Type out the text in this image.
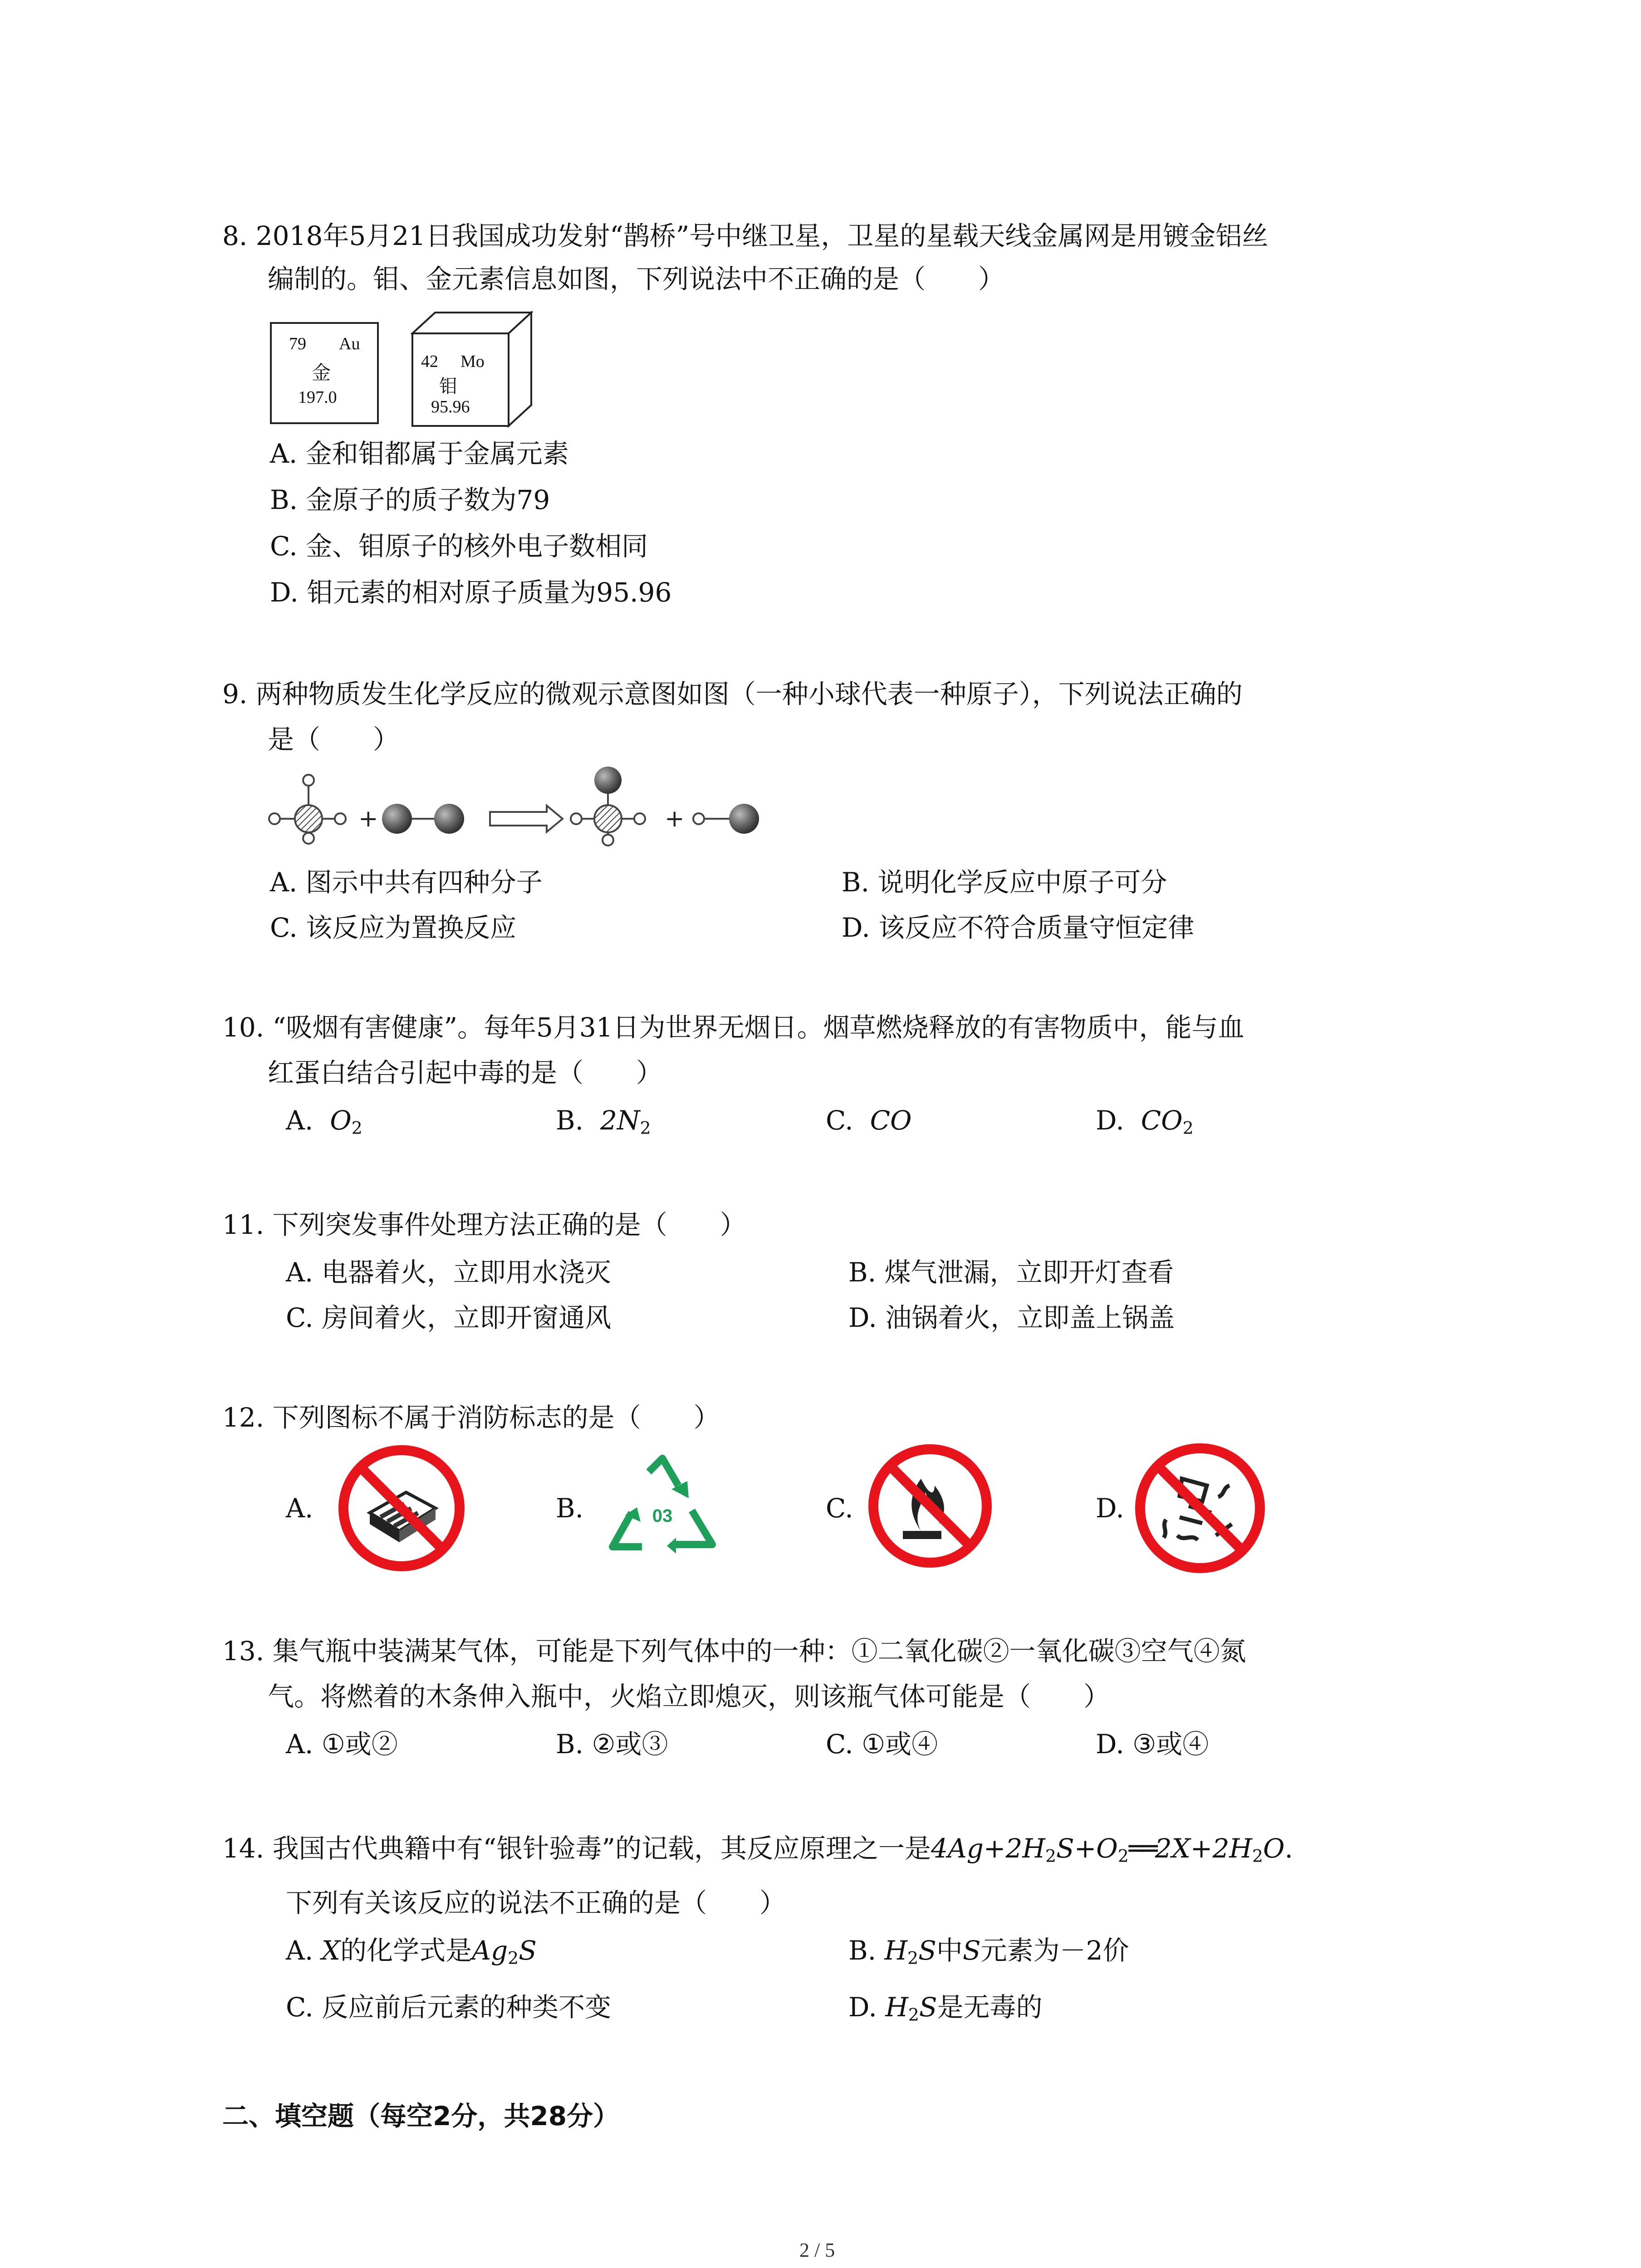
8. 2018年5月21日我国成功发射“鹊桥”号中继卫星，卫星的星载天线金属网是用镀金铝丝
编制的。钼、金元素信息如图，下列说法中不正确的是（　　）
79 Au
金
197.0
42 Mo
钼
95.96
A. 金和钼都属于金属元素
B. 金原子的质子数为79
C. 金、钼原子的核外电子数相同
D. 钼元素的相对原子质量为95.96
9. 两种物质发生化学反应的微观示意图如图（一种小球代表一种原子），下列说法正确的
是（　　）
+	+
A. 图示中共有四种分子	B. 说明化学反应中原子可分
C. 该反应为置换反应	D. 该反应不符合质量守恒定律
10. “吸烟有害健康”。每年5月31日为世界无烟日。烟草燃烧释放的有害物质中，能与血
红蛋白结合引起中毒的是（　　）
A. $O_2$	B. $2N_2$	C. CO	D. $CO_2$
11. 下列突发事件处理方法正确的是（　　）
A. 电器着火，立即用水浇灭	B. 煤气泄漏，立即开灯查看
C. 房间着火，立即开窗通风	D. 油锅着火，立即盖上锅盖
12. 下列图标不属于消防标志的是（　　）
A.	B.	C.	D.
03
13. 集气瓶中装满某气体，可能是下列气体中的一种：①二氧化碳②一氧化碳③空气④氮
气。将燃着的木条伸入瓶中，火焰立即熄灭，则该瓶气体可能是（　　）
A. ①或②	B. ②或③	C. ①或④	D. ③或④
14. 我国古代典籍中有“银针验毒”的记载，其反应原理之一是$4Ag+2H_2S+O_2══2X+2H_2O$.
下列有关该反应的说法不正确的是（　　）
A. X的化学式是$Ag_2S$	B. $H_2S$中S元素为－2价
C. 反应前后元素的种类不变	D. $H_2S$是无毒的
二、填空题（每空2分，共28分）
2 / 5
